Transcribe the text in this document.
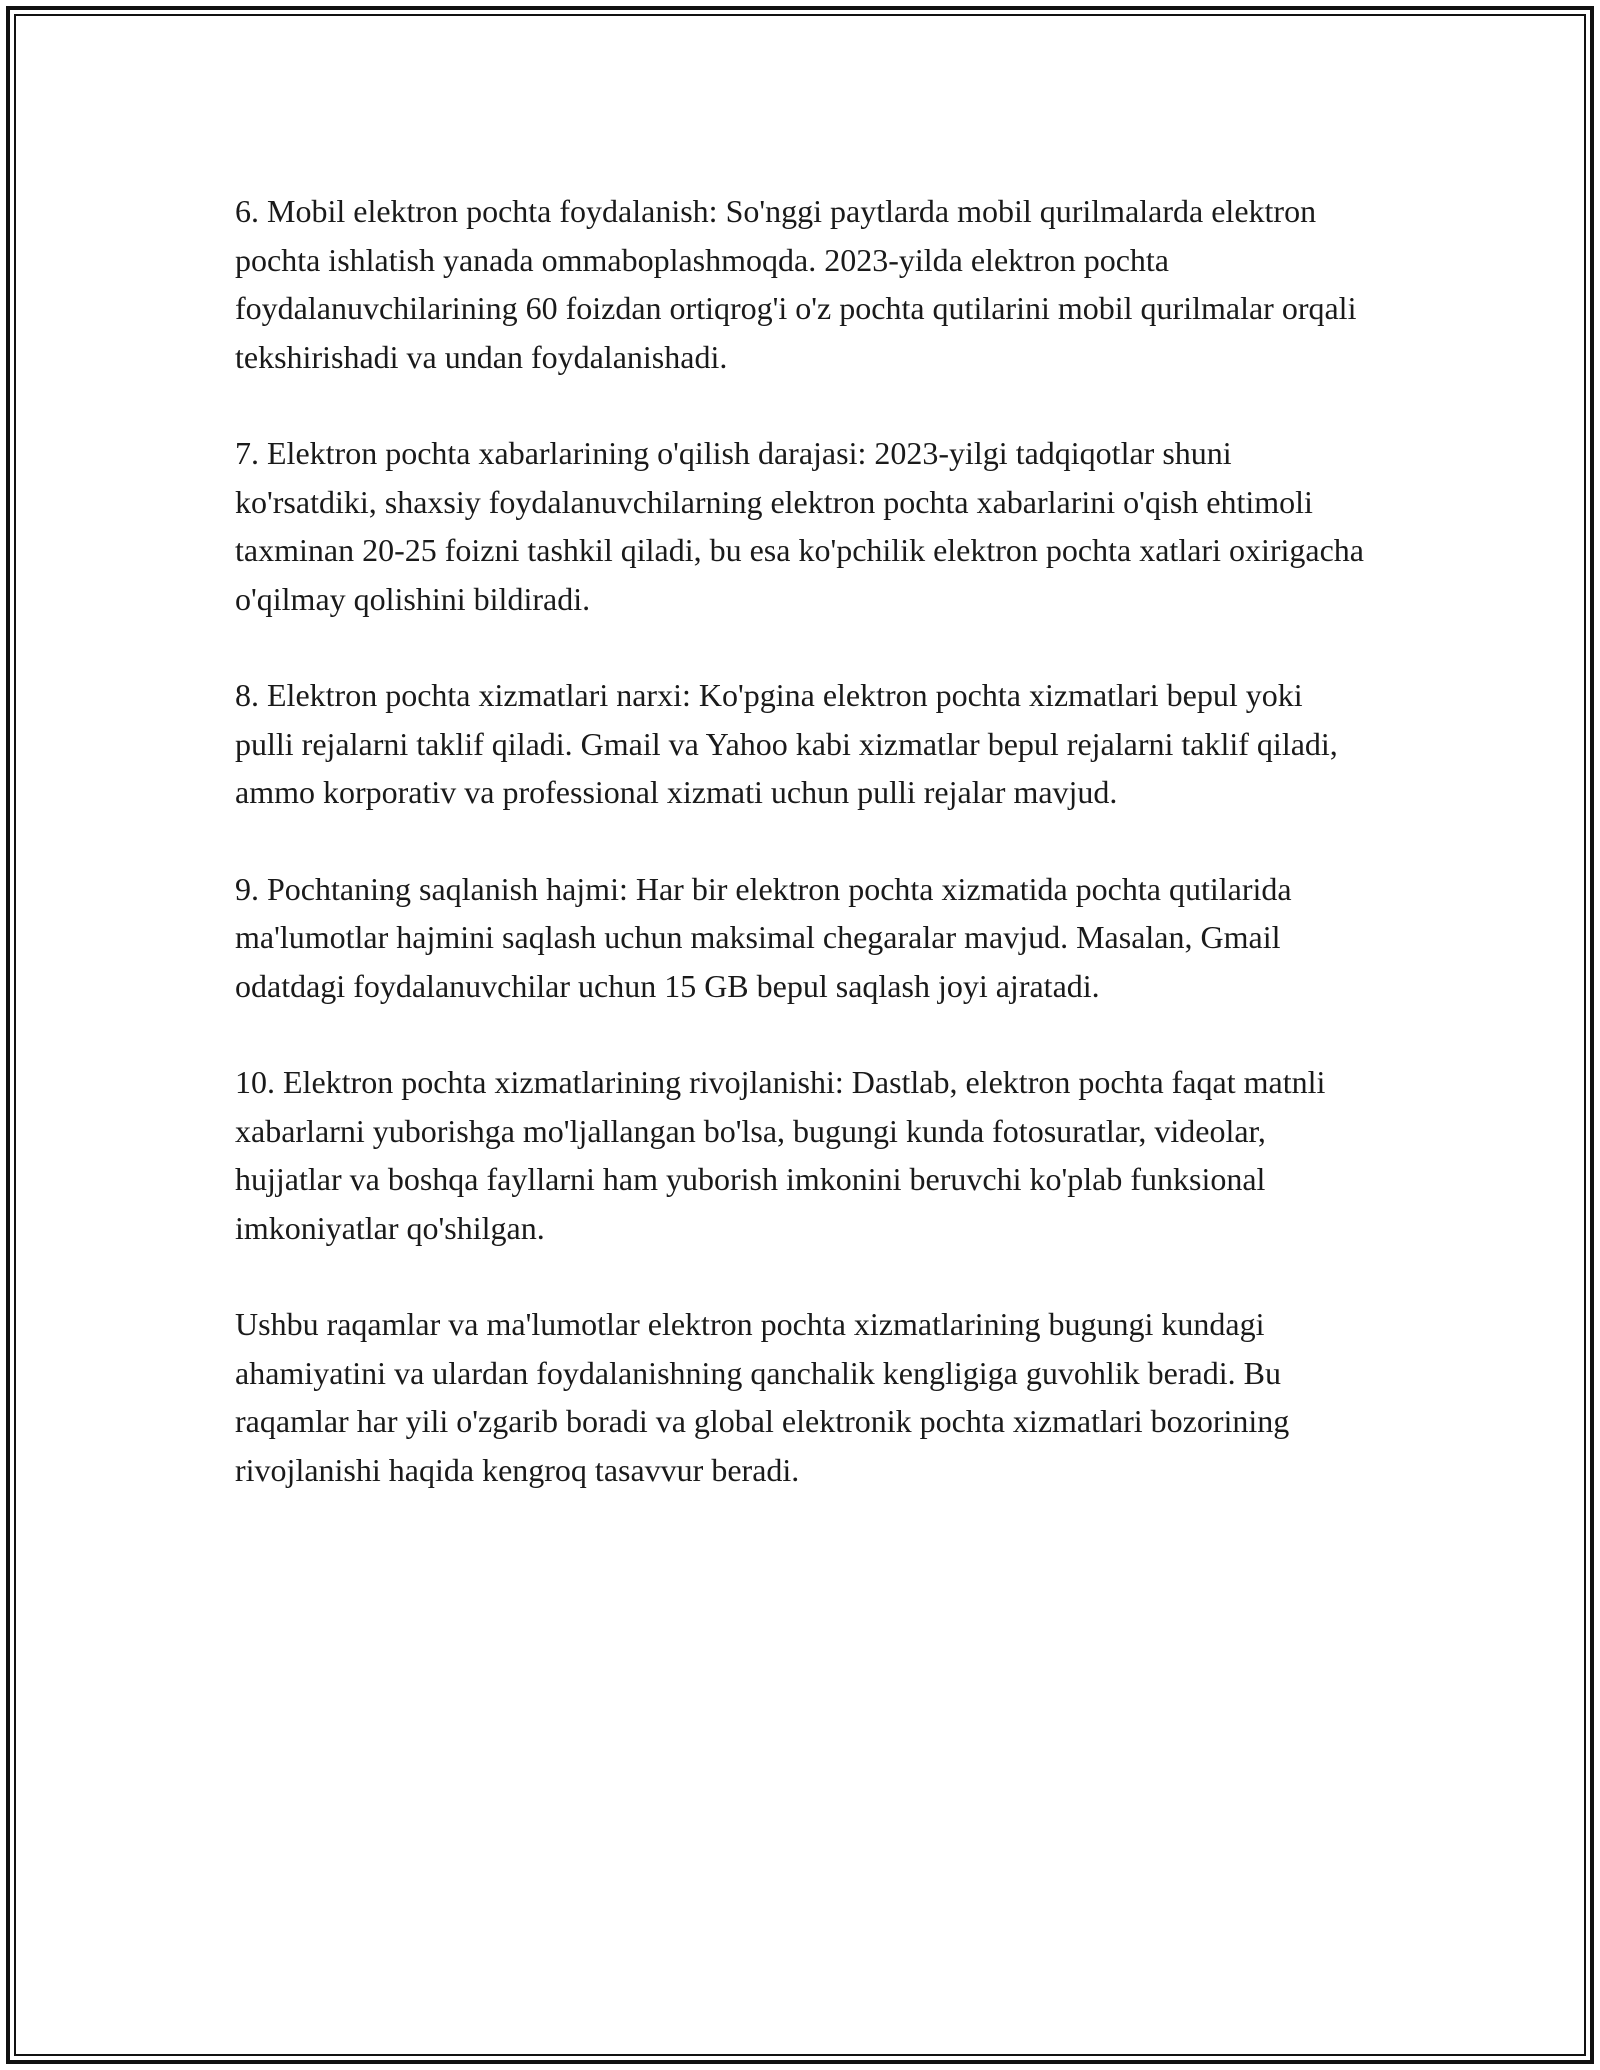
6. Mobil elektron pochta foydalanish: So'nggi paytlarda mobil qurilmalarda elektron pochta ishlatish yanada ommaboplashmoqda. 2023-yilda elektron pochta foydalanuvchilarining 60 foizdan ortiqrog'i o'z pochta qutilarini mobil qurilmalar orqali tekshirishadi va undan foydalanishadi.

7. Elektron pochta xabarlarining o'qilish darajasi: 2023-yilgi tadqiqotlar shuni ko'rsatdiki, shaxsiy foydalanuvchilarning elektron pochta xabarlarini o'qish ehtimoli taxminan 20-25 foizni tashkil qiladi, bu esa ko'pchilik elektron pochta xatlari oxirigacha o'qilmay qolishini bildiradi.

8. Elektron pochta xizmatlari narxi: Ko'pgina elektron pochta xizmatlari bepul yoki pulli rejalarni taklif qiladi. Gmail va Yahoo kabi xizmatlar bepul rejalarni taklif qiladi, ammo korporativ va professional xizmati uchun pulli rejalar mavjud.

9. Pochtaning saqlanish hajmi: Har bir elektron pochta xizmatida pochta qutilarida ma'lumotlar hajmini saqlash uchun maksimal chegaralar mavjud. Masalan, Gmail odatdagi foydalanuvchilar uchun 15 GB bepul saqlash joyi ajratadi.

10. Elektron pochta xizmatlarining rivojlanishi: Dastlab, elektron pochta faqat matnli xabarlarni yuborishga mo'ljallangan bo'lsa, bugungi kunda fotosuratlar, videolar, hujjatlar va boshqa fayllarni ham yuborish imkonini beruvchi ko'plab funksional imkoniyatlar qo'shilgan.

Ushbu raqamlar va ma'lumotlar elektron pochta xizmatlarining bugungi kundagi ahamiyatini va ulardan foydalanishning qanchalik kengligiga guvohlik beradi. Bu raqamlar har yili o'zgarib boradi va global elektronik pochta xizmatlari bozorining rivojlanishi haqida kengroq tasavvur beradi.
